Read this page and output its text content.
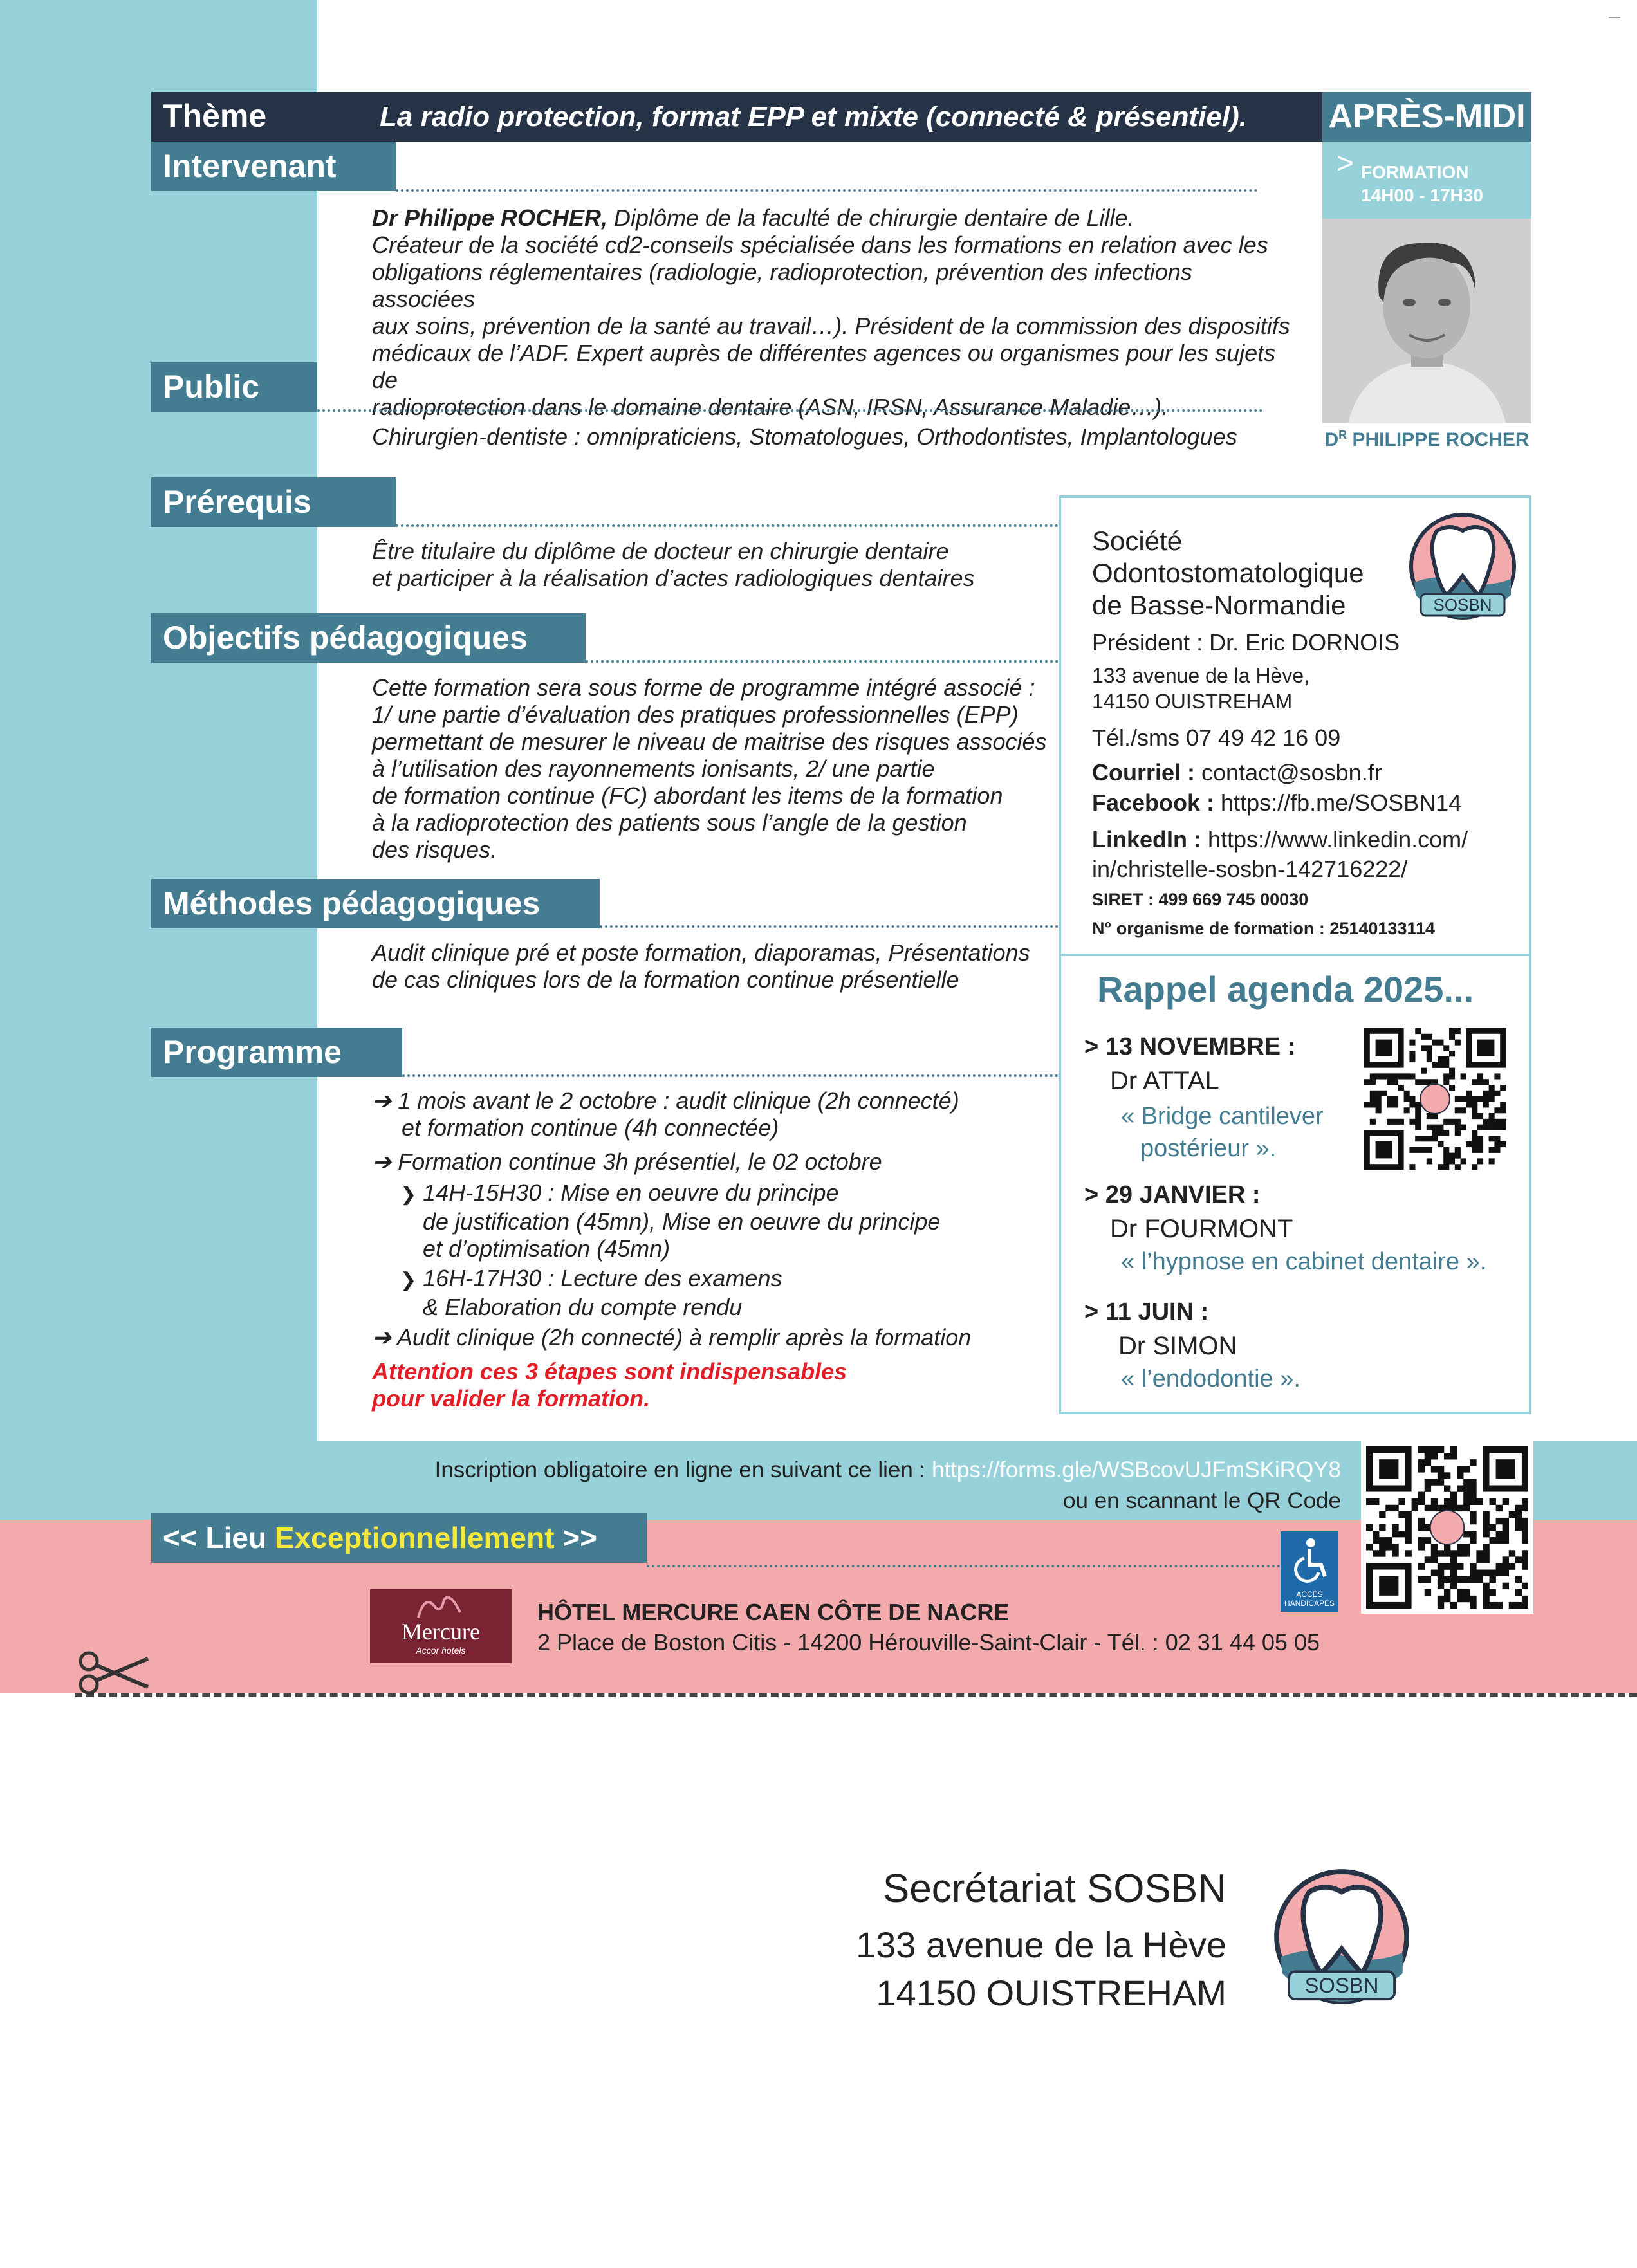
Thème	La radio protection, format EPP et mixte (connecté & présentiel). APRÈS-MIDI
> FORMATION
14H00 - 17H30
$D^R$ PHILIPPE ROCHER
Intervenant
Dr Philippe ROCHER, Diplôme de la faculté de chirurgie dentaire de Lille.
Créateur de la société cd2-conseils spécialisée dans les formations en relation avec les
obligations réglementaires (radiologie, radioprotection, prévention des infections associées
aux soins, prévention de la santé au travail…). Président de la commission des dispositifs
médicaux de l’ADF. Expert auprès de différentes agences ou organismes pour les sujets de
radioprotection dans le domaine dentaire (ASN, IRSN, Assurance Maladie…).
Public
Chirurgien-dentiste : omnipraticiens, Stomatologues, Orthodontistes, Implantologues
Prérequis
Être titulaire du diplôme de docteur en chirurgie dentaire
et participer à la réalisation d’actes radiologiques dentaires
Objectifs pédagogiques
Cette formation sera sous forme de programme intégré associé :
1/ une partie d’évaluation des pratiques professionnelles (EPP)
permettant de mesurer le niveau de maitrise des risques associés
à l’utilisation des rayonnements ionisants, 2/ une partie
de formation continue (FC) abordant les items de la formation
à la radioprotection des patients sous l’angle de la gestion
des risques.
Méthodes pédagogiques
Audit clinique pré et poste formation, diaporamas, Présentations
de cas cliniques lors de la formation continue présentielle
Programme
➔ 1 mois avant le 2 octobre : audit clinique (2h connecté)
et formation continue (4h connectée)
➔ Formation continue 3h présentiel, le 02 octobre
❯ 14H-15H30 : Mise en oeuvre du principe
de justification (45mn), Mise en oeuvre du principe
et d’optimisation (45mn)
❯ 16H-17H30 : Lecture des examens
& Elaboration du compte rendu
➔ Audit clinique (2h connecté) à remplir après la formation
Attention ces 3 étapes sont indispensables
pour valider la formation.
Société
Odontostomatologique
de Basse-Normandie	SOSBN
Président : Dr. Eric DORNOIS
133 avenue de la Hève,
14150 OUISTREHAM
Tél./sms 07 49 42 16 09
Courriel : contact@sosbn.fr
Facebook : https://fb.me/SOSBN14
LinkedIn : https://www.linkedin.com/
in/christelle-sosbn-142716222/
SIRET : 499 669 745 00030
N° organisme de formation : 25140133114
Rappel agenda 2025...
> 13 NOVEMBRE :
Dr ATTAL
« Bridge cantilever
postérieur ».
> 29 JANVIER :
Dr FOURMONT
« l’hypnose en cabinet dentaire ».
> 11 JUIN :
Dr SIMON
« l’endodontie ».
Inscription obligatoire en ligne en suivant ce lien : https://forms.gle/WSBcovUJFmSKiRQY8
ou en scannant le QR Code
<< Lieu Exceptionnellement >>
ACCÈS
HANDICAPÉS
Mercure
Accor hotels
HÔTEL MERCURE CAEN CÔTE DE NACRE
2 Place de Boston Citis - 14200 Hérouville-Saint-Clair - Tél. : 02 31 44 05 05
Secrétariat SOSBN
133 avenue de la Hève
14150 OUISTREHAM	SOSBN
